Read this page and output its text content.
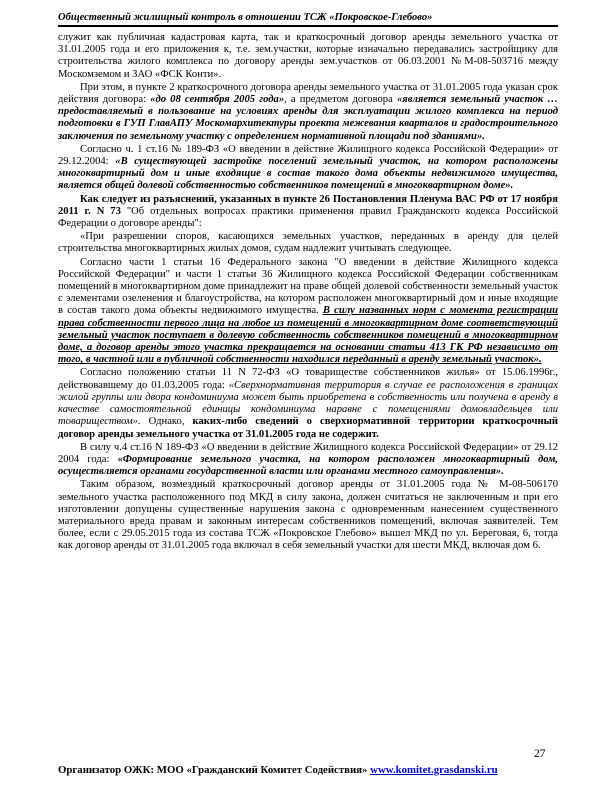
Общественный жилищный контроль в отношении ТСЖ «Покровское-Глебово»

служит как публичная кадастровая карта, так и краткосрочный договор аренды земельного участка от 31.01.2005 года и его приложения к, т.е. зем.участки, которые изначально передавались застройщику для строительства жилого комплекса по договору аренды зем.участков от 06.03.2001 №М-08-503716 между Москомземом и ЗАО «ФСК Конти».

При этом, в пункте 2 краткосрочного договора аренды земельного участка от 31.01.2005 года указан срок действия договора: «до 08 сентября 2005 года», а предметом договора «является земельный участок … предоставляемый в пользование на условиях аренды для эксплуатации жилого комплекса на период подготовки в ГУП ГлавАПУ Москомархитектуры проекта межевания кварталов и градостроительного заключения по земельному участку с определением нормативной площади под зданиями».

Согласно ч. 1 ст.16 № 189-ФЗ «О введении в действие Жилищного кодекса Российской Федерации» от 29.12.2004: «В существующей застройке поселений земельный участок, на котором расположены многоквартирный дом и иные входящие в состав такого дома объекты недвижимого имущества, является общей долевой собственностью собственников помещений в многоквартирном доме».

Как следует из разъяснений, указанных в пункте 26 Постановления Пленума ВАС РФ от 17 ноября 2011 г. N 73 "Об отдельных вопросах практики применения правил Гражданского кодекса Российской Федерации о договоре аренды":

«При разрешении споров, касающихся земельных участков, переданных в аренду для целей строительства многоквартирных жилых домов, судам надлежит учитывать следующее.

Согласно части 1 статьи 16 Федерального закона "О введении в действие Жилищного кодекса Российской Федерации" и части 1 статьи 36 Жилищного кодекса Российской Федерации собственникам помещений в многоквартирном доме принадлежит на праве общей долевой собственности земельный участок с элементами озеленения и благоустройства, на котором расположен многоквартирный дом и иные входящие в состав такого дома объекты недвижимого имущества. В силу названных норм с момента регистрации права собственности первого лица на любое из помещений в многоквартирном доме соответствующий земельный участок поступает в долевую собственность собственников помещений в многоквартирном доме, а договор аренды этого участка прекращается на основании статьи 413 ГК РФ независимо от того, в частной или в публичной собственности находился переданный в аренду земельный участок».

Согласно положению статьи 11 N 72-ФЗ «О товариществе собственников жилья» от 15.06.1996г., действовавшему до 01.03.2005 года: «Сверхнормативная территория в случае ее расположения в границах жилой группы или двора кондоминиума может быть приобретена в собственность или получена в аренду в качестве самостоятельной единицы кондоминиума наравне с помещениями домовладельцев или товариществом». Однако, каких-либо сведений о сверхнормативной территории краткосрочный договор аренды земельного участка от 31.01.2005 года не содержит.

В силу ч.4 ст.16 N 189-ФЗ «О введении в действие Жилищного кодекса Российской Федерации» от 29.12 2004 года: «Формирование земельного участка, на котором расположен многоквартирный дом, осуществляется органами государственной власти или органами местного самоуправления».

Таким образом, возмездный краткосрочный договор аренды от 31.01.2005 года № М-08-506170 земельного участка расположенного под МКД в силу закона, должен считаться не заключенным и при его изготовлении допущены существенные нарушения закона с одновременным нанесением существенного материального вреда правам и законным интересам собственников помещений, включая заявителей. Тем более, если с 29.05.2015 года из состава ТСЖ «Покровское Глебово» вышел МКД по ул. Береговая, 6, тогда как договор аренды от 31.01.2005 года включал в себя земельный участки для шести МКД, включая дом 6.

27
Организатор ОЖК: МОО «Гражданский Комитет Содействия» www.komitet.grasdanski.ru
